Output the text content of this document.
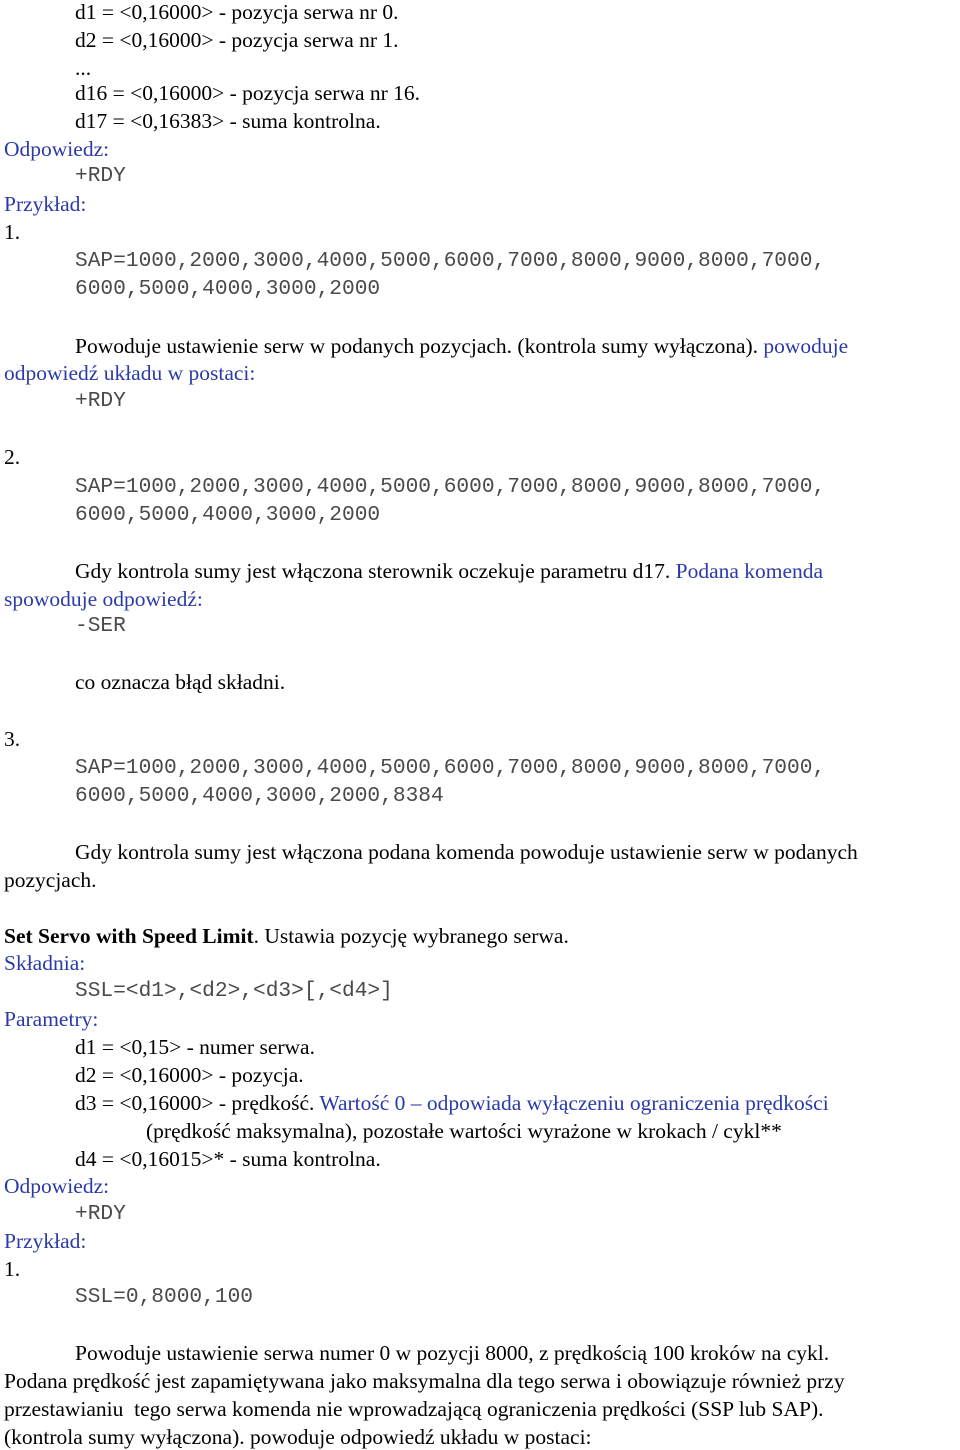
d1 = <0,16000> - pozycja serwa nr 0.
d2 = <0,16000> - pozycja serwa nr 1.
...
d16 = <0,16000> - pozycja serwa nr 16.
d17 = <0,16383> - suma kontrolna.
Odpowiedz:
+RDY
Przykład:
1.
SAP=1000,2000,3000,4000,5000,6000,7000,8000,9000,8000,7000,
6000,5000,4000,3000,2000
Powoduje ustawienie serw w podanych pozycjach. (kontrola sumy wyłączona). powoduje
odpowiedź układu w postaci:
+RDY
2.
SAP=1000,2000,3000,4000,5000,6000,7000,8000,9000,8000,7000,
6000,5000,4000,3000,2000
Gdy kontrola sumy jest włączona sterownik oczekuje parametru d17. Podana komenda
spowoduje odpowiedź:
-SER
co oznacza błąd składni.
3.
SAP=1000,2000,3000,4000,5000,6000,7000,8000,9000,8000,7000,
6000,5000,4000,3000,2000,8384
Gdy kontrola sumy jest włączona podana komenda powoduje ustawienie serw w podanych
pozycjach.
Set Servo with Speed Limit. Ustawia pozycję wybranego serwa.
Składnia:
SSL=<d1>,<d2>,<d3>[,<d4>]
Parametry:
d1 = <0,15> - numer serwa.
d2 = <0,16000> - pozycja.
d3 = <0,16000> - prędkość. Wartość 0 – odpowiada wyłączeniu ograniczenia prędkości
(prędkość maksymalna), pozostałe wartości wyrażone w krokach / cykl**
d4 = <0,16015>* - suma kontrolna.
Odpowiedz:
+RDY
Przykład:
1.
SSL=0,8000,100
Powoduje ustawienie serwa numer 0 w pozycji 8000, z prędkością 100 kroków na cykl.
Podana prędkość jest zapamiętywana jako maksymalna dla tego serwa i obowiązuje również przy
przestawianiu  tego serwa komenda nie wprowadzającą ograniczenia prędkości (SSP lub SAP).
(kontrola sumy wyłączona). powoduje odpowiedź układu w postaci:
